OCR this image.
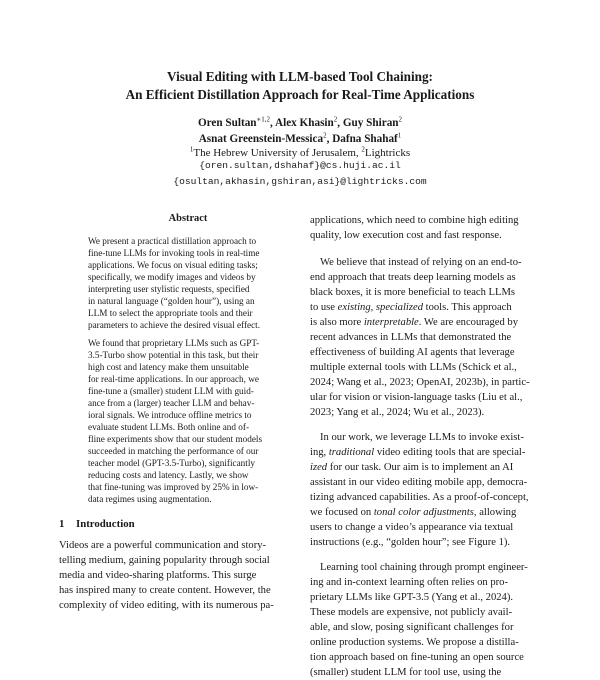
Visual Editing with LLM-based Tool Chaining:
An Efficient Distillation Approach for Real-Time Applications
Oren Sultan$^{∗1,2}$, Alex Khasin$^2$, Guy Shiran$^2$
Asnat Greenstein-Messica$^2$, Dafna Shahaf$^1$
$^1$The Hebrew University of Jerusalem, $^2$Lightricks
{oren.sultan,dshahaf}@cs.huji.ac.il
{osultan,akhasin,gshiran,asi}@lightricks.com
Abstract

We present a practical distillation approach to
fine-tune LLMs for invoking tools in real-time
applications. We focus on visual editing tasks;
specifically, we modify images and videos by
interpreting user stylistic requests, specified
in natural language (“golden hour”), using an
LLM to select the appropriate tools and their
parameters to achieve the desired visual effect.

We found that proprietary LLMs such as GPT-
3.5-Turbo show potential in this task, but their
high cost and latency make them unsuitable
for real-time applications. In our approach, we
fine-tune a (smaller) student LLM with guid-
ance from a (larger) teacher LLM and behav-
ioral signals. We introduce offline metrics to
evaluate student LLMs. Both online and of-
fline experiments show that our student models
succeeded in matching the performance of our
teacher model (GPT-3.5-Turbo), significantly
reducing costs and latency. Lastly, we show
that fine-tuning was improved by 25% in low-
data regimes using augmentation.

1 Introduction
Videos are a powerful communication and story-
telling medium, gaining popularity through social
media and video-sharing platforms. This surge
has inspired many to create content. However, the
complexity of video editing, with its numerous pa-

applications, which need to combine high editing
quality, low execution cost and fast response.

We believe that instead of relying on an end-to-
end approach that treats deep learning models as
black boxes, it is more beneficial to teach LLMs
to use existing, specialized tools. This approach
is also more interpretable. We are encouraged by
recent advances in LLMs that demonstrated the
effectiveness of building AI agents that leverage
multiple external tools with LLMs (Schick et al.,
2024; Wang et al., 2023; OpenAI, 2023b), in partic-
ular for vision or vision-language tasks (Liu et al.,
2023; Yang et al., 2024; Wu et al., 2023).

In our work, we leverage LLMs to invoke exist-
ing, traditional video editing tools that are special-
ized for our task. Our aim is to implement an AI
assistant in our video editing mobile app, democra-
tizing advanced capabilities. As a proof-of-concept,
we focused on tonal color adjustments, allowing
users to change a video’s appearance via textual
instructions (e.g., “golden hour”; see Figure 1).

Learning tool chaining through prompt engineer-
ing and in-context learning often relies on pro-
prietary LLMs like GPT-3.5 (Yang et al., 2024).
These models are expensive, not publicly avail-
able, and slow, posing significant challenges for
online production systems. We propose a distilla-
tion approach based on fine-tuning an open source
(smaller) student LLM for tool use, using the
